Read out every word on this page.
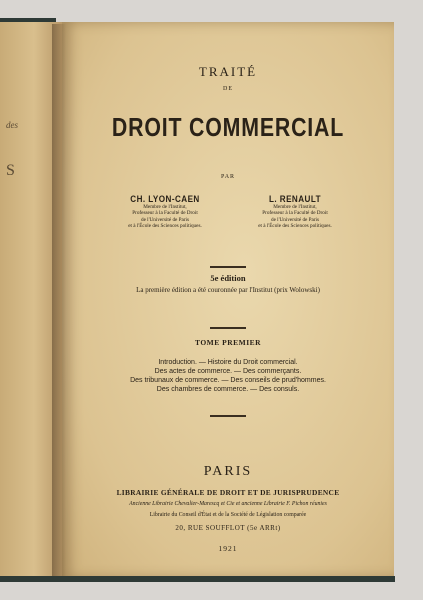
des
S
TRAITÉ
DE
DROIT COMMERCIAL
PAR
CH. LYON-CAEN
Membre de l'Institut,
Professeur à la Faculté de Droit
de l'Université de Paris
et à l'École des Sciences politiques.
L. RENAULT
Membre de l'Institut,
Professeur à la Faculté de Droit
de l'Université de Paris
et à l'École des Sciences politiques.
5e édition
La première édition a été couronnée par l'Institut (prix Wolowski)
TOME PREMIER
Introduction. — Histoire du Droit commercial.
Des actes de commerce. — Des commerçants.
Des tribunaux de commerce. — Des conseils de prud'hommes.
Des chambres de commerce. — Des consuls.
PARIS
LIBRAIRIE GÉNÉRALE DE DROIT ET DE JURISPRUDENCE
Ancienne Librairie Chevalier-Marescq et Cie et ancienne Librairie F. Pichon réunies
Librairie du Conseil d'État et de la Société de Législation comparée
20, RUE SOUFFLOT (5e ARRt)
1921
